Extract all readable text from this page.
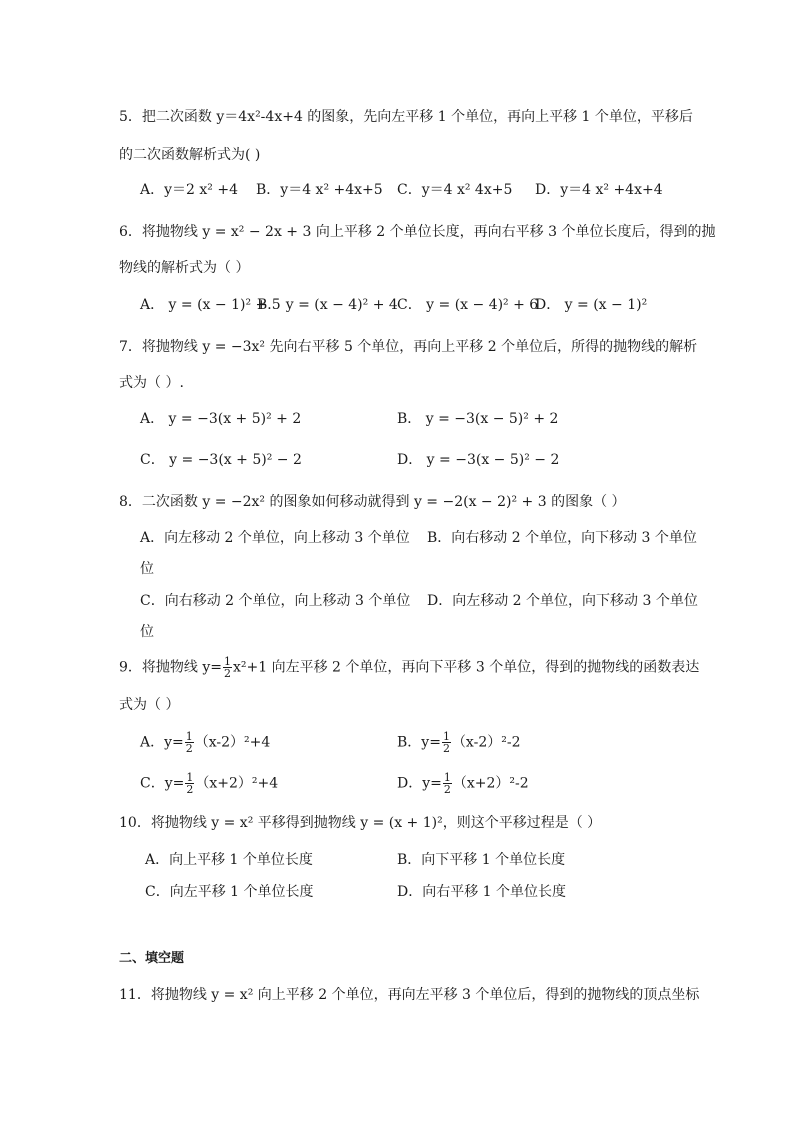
5．把二次函数 y＝4x²-4x+4 的图象，先向左平移 1 个单位，再向上平移 1 个单位，平移后
的二次函数解析式为( )
A．y＝2 x² +4 B．y＝4 x² +4x+5 C．y＝4 x² 4x+5 D．y＝4 x² +4x+4
6．将抛物线 y = x² − 2x + 3 向上平移 2 个单位长度，再向右平移 3 个单位长度后，得到的抛
物线的解析式为（ ）
A． y = (x − 1)² + 5
B． y = (x − 4)² + 4 C． y = (x − 4)² + 6
D． y = (x − 1)²
7．将抛物线 y = −3x² 先向右平移 5 个单位，再向上平移 2 个单位后，所得的抛物线的解析
式为（ ）.
A． y = −3(x + 5)² + 2	B． y = −3(x − 5)² + 2
C． y = −3(x + 5)² − 2	D． y = −3(x − 5)² − 2
8．二次函数 y = −2x² 的图象如何移动就得到 y = −2(x − 2)² + 3 的图象（ ）
A．向左移动 2 个单位，向上移动 3 个单位 B．向右移动 2 个单位，向下移动 3 个单位
位
C．向右移动 2 个单位，向上移动 3 个单位 D．向左移动 2 个单位，向下移动 3 个单位
位
9．将抛物线 $y= \frac{1}{2} x^2+1$ 向左平移 2 个单位，再向下平移 3 个单位，得到的抛物线的函数表达
式为（ ）
A．$y= \frac{1}{2} (x-2)^2+4$	B．$y= \frac{1}{2} (x-2)^2-2$
C．$y= \frac{1}{2} (x+2)^2+4$	D．$y= \frac{1}{2} (x+2)^2-2$
10．将抛物线 y = x² 平移得到抛物线 y = (x + 1)²，则这个平移过程是（ ）
A．向上平移 1 个单位长度	B．向下平移 1 个单位长度
C．向左平移 1 个单位长度	D．向右平移 1 个单位长度
二、填空题
11．将抛物线 y = x² 向上平移 2 个单位，再向左平移 3 个单位后，得到的抛物线的顶点坐标
